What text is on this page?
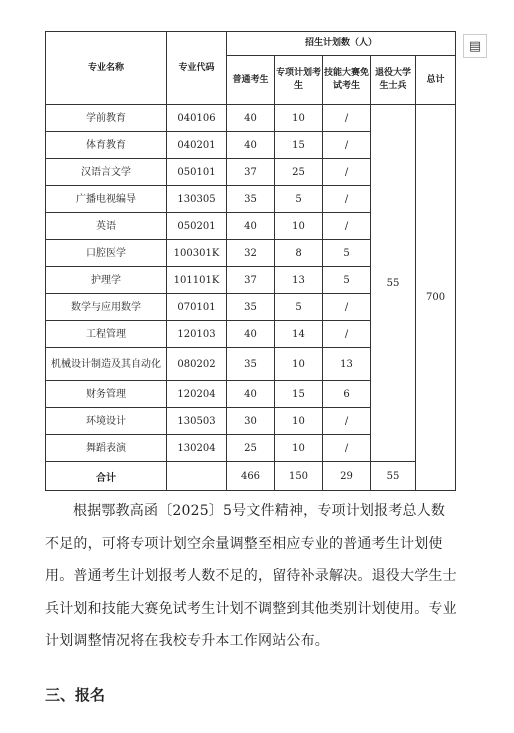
▤
专业名称	专业代码	招生计划数（人）				
		普通考生	专项计划考生	技能大赛免试考生	退役大学生士兵	总计
学前教育	040106	40	10	/	55	700
体育教育	040201	40	15	/		
汉语言文学	050101	37	25	/		
广播电视编导	130305	35	5	/		
英语	050201	40	10	/		
口腔医学	100301K	32	8	5		
护理学	101101K	37	13	5		
数学与应用数学	070101	35	5	/		
工程管理	120103	40	14	/		
机械设计制造及其自动化	080202	35	10	13		
财务管理	120204	40	15	6		
环境设计	130503	30	10	/		
舞蹈表演	130204	25	10	/		
合计		466	150	29	55	

根据鄂教高函〔2025〕5号文件精神，专项计划报考总人数不足的，可将专项计划空余量调整至相应专业的普通考生计划使用。普通考生计划报考人数不足的，留待补录解决。退役大学生士兵计划和技能大赛免试考生计划不调整到其他类别计划使用。专业计划调整情况将在我校专升本工作网站公布。

三、报名
